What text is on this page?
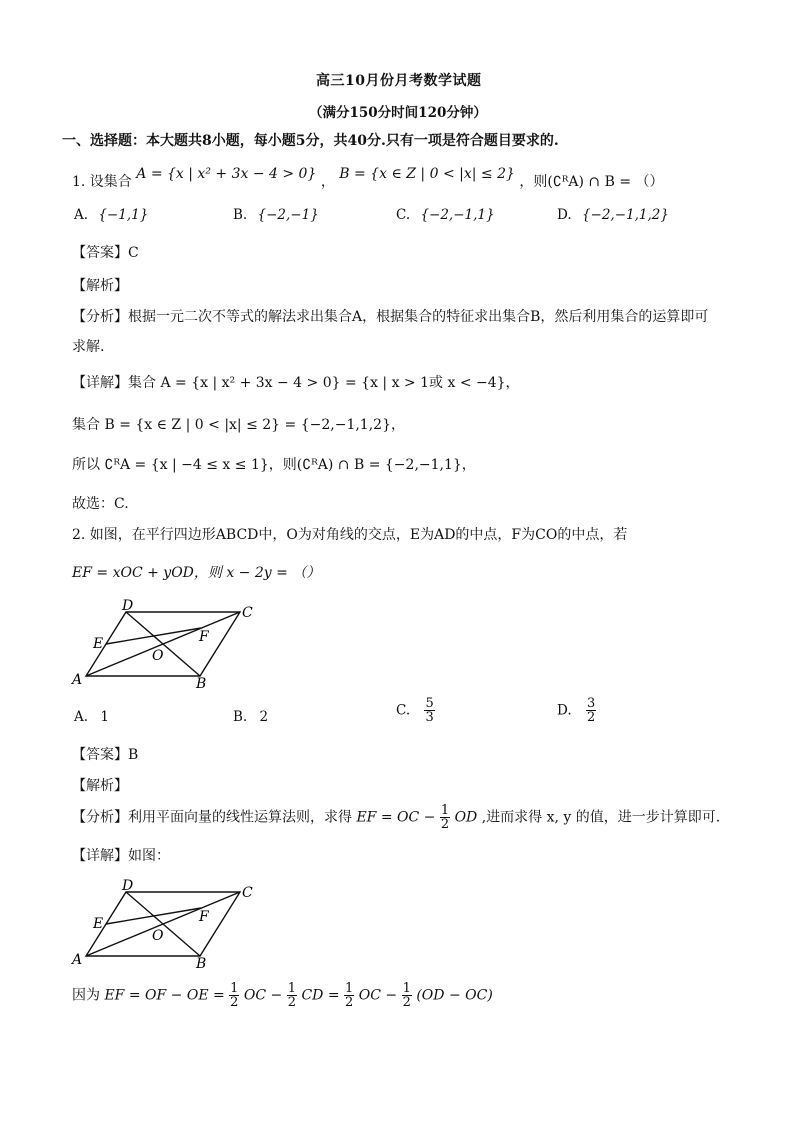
高三10月份月考数学试题
（满分150分时间120分钟）
一、选择题：本大题共8小题，每小题5分，共40分.只有一项是符合题目要求的.
1. 设集合 A = {x | x² + 3x − 4 > 0} ， B = {x ∈ Z | 0 < |x| ≤ 2} ，则(∁ᴿA) ∩ B = （）
A. {−1,1}	B. {−2,−1}	C. {−2,−1,1}	D. {−2,−1,1,2}
【答案】C
【解析】
【分析】根据一元二次不等式的解法求出集合A，根据集合的特征求出集合B，然后利用集合的运算即可
求解.
【详解】集合 A = {x | x² + 3x − 4 > 0} = {x | x > 1或 x < −4}，
集合 B = {x ∈ Z | 0 < |x| ≤ 2} = {−2,−1,1,2}，
所以 ∁ᴿA = {x | −4 ≤ x ≤ 1}，则(∁ᴿA) ∩ B = {−2,−1,1}，
故选：C.
2. 如图，在平行四边形ABCD中，O为对角线的交点，E为AD的中点，F为CO的中点，若
EF = xOC + yOD，则 x − 2y = （）
A	B
C
D
E	F
O
A. 1	B. 2	C. $\frac{5}{3}$	D. $\frac{3}{2}$
【答案】B
【解析】
【分析】利用平面向量的线性运算法则，求得 EF = OC − $\frac{1}{2}$ OD ,进而求得 x, y 的值，进一步计算即可.
【详解】如图：
A	B
C
D
E	F
O
因为 EF = OF − OE = $\frac{1}{2}$ OC − $\frac{1}{2}$ CD = $\frac{1}{2}$ OC − $\frac{1}{2} (OD - OC)$
